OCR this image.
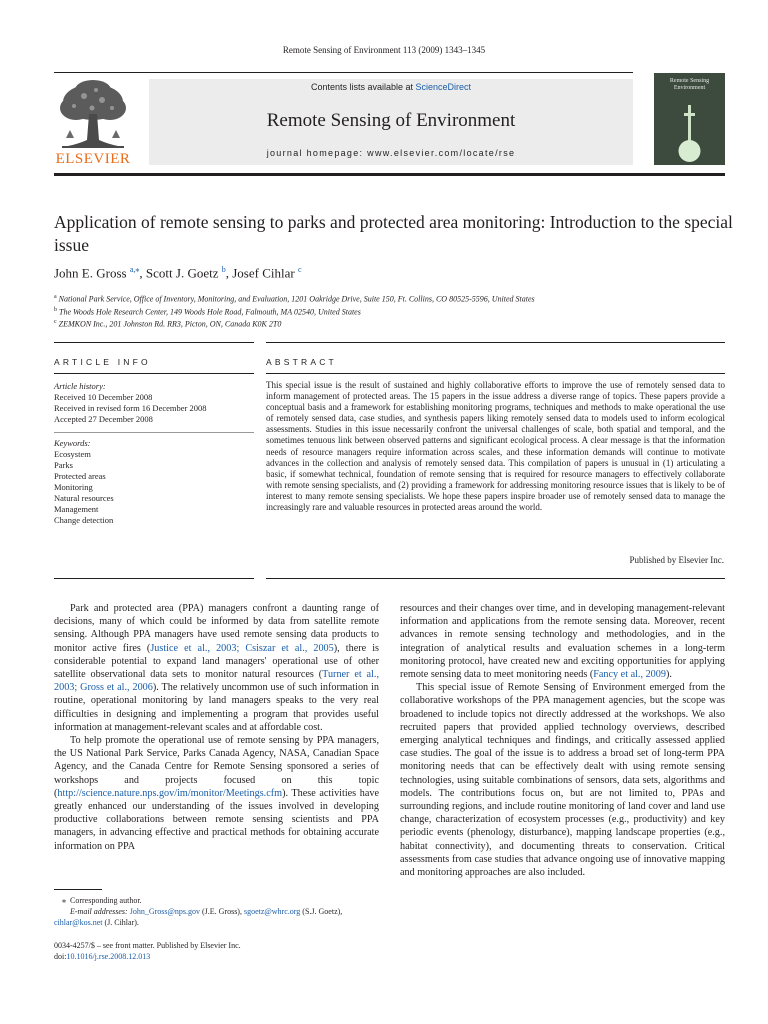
Remote Sensing of Environment 113 (2009) 1343–1345
ELSEVIER
Contents lists available at ScienceDirect
Remote Sensing of Environment
journal homepage: www.elsevier.com/locate/rse
Remote Sensing Environment
Application of remote sensing to parks and protected area monitoring: Introduction to the special issue
John E. Gross $^{a,⁎}$, Scott J. Goetz $^b$, Josef Cihlar $^c$
$^a$ National Park Service, Office of Inventory, Monitoring, and Evaluation, 1201 Oakridge Drive, Suite 150, Ft. Collins, CO 80525-5596, United States
$^b$ The Woods Hole Research Center, 149 Woods Hole Road, Falmouth, MA 02540, United States
$^c$ ZEMKON Inc., 201 Johnston Rd. RR3, Picton, ON, Canada K0K 2T0
ARTICLE INFO	ABSTRACT
Article history:
Received 10 December 2008
Received in revised form 16 December 2008
Accepted 27 December 2008
Keywords:
Ecosystem
Parks
Protected areas
Monitoring
Natural resources
Management
Change detection
This special issue is the result of sustained and highly collaborative efforts to improve the use of remotely sensed data to inform management of protected areas. The 15 papers in the issue address a diverse range of topics. These papers provide a conceptual basis and a framework for establishing monitoring programs, techniques and methods to make operational the use of remotely sensed data, case studies, and synthesis papers liking remotely sensed data to models used to inform ecological assessments. Studies in this issue necessarily confront the universal challenges of scale, both spatial and temporal, and the sometimes tenuous link between observed patterns and significant ecological process. A clear message is that the information needs of resource managers require information across scales, and these information demands will continue to motivate advances in the collection and analysis of remotely sensed data. This compilation of papers is unusual in (1) articulating a basic, if somewhat technical, foundation of remote sensing that is required for resource managers to effectively collaborate with remote sensing specialists, and (2) providing a framework for addressing monitoring resource issues that is likely to be of interest to many remote sensing specialists. We hope these papers inspire broader use of remotely sensed data to manage the increasingly rare and valuable resources in protected areas around the world.
Published by Elsevier Inc.

Park and protected area (PPA) managers confront a daunting range of decisions, many of which could be informed by data from satellite remote sensing. Although PPA managers have used remote sensing data products to monitor active fires (Justice et al., 2003; Csiszar et al., 2005), there is considerable potential to expand land managers' operational use of other satellite observational data sets to monitor natural resources (Turner et al., 2003; Gross et al., 2006). The relatively uncommon use of such information in routine, operational monitoring by land managers speaks to the very real difficulties in designing and implementing a program that provides useful information at management-relevant scales and at affordable cost.

To help promote the operational use of remote sensing by PPA managers, the US National Park Service, Parks Canada Agency, NASA, Canadian Space Agency, and the Canada Centre for Remote Sensing sponsored a series of workshops and projects focused on this topic (http://science.nature.nps.gov/im/monitor/Meetings.cfm). These activities have greatly enhanced our understanding of the issues involved in developing productive collaborations between remote sensing scientists and PPA managers, in advancing effective and practical methods for obtaining accurate information on PPA

resources and their changes over time, and in developing management-relevant information and applications from the remote sensing data. Moreover, recent advances in remote sensing technology and methodologies, and in the integration of analytical results and evaluation schemes in a long-term monitoring protocol, have created new and exciting opportunities for applying remote sensing data to meet monitoring needs (Fancy et al., 2009).

This special issue of Remote Sensing of Environment emerged from the collaborative workshops of the PPA management agencies, but the scope was broadened to include topics not directly addressed at the workshops. We also recruited papers that provided applied technology overviews, described emerging analytical techniques and findings, and critically assessed applied case studies. The goal of the issue is to address a broad set of long-term PPA monitoring needs that can be effectively dealt with using remote sensing technologies, using suitable combinations of sensors, data sets, algorithms and models. The contributions focus on, but are not limited to, PPAs and surrounding regions, and include routine monitoring of land cover and land use change, characterization of ecosystem processes (e.g., productivity) and key periodic events (phenology, disturbance), mapping landscape properties (e.g., habitat connectivity), and documenting threats to conservation. Critical assessments from case studies that advance ongoing use of innovative mapping and monitoring approaches are also included.

⁎ Corresponding author.
E-mail addresses: John_Gross@nps.gov (J.E. Gross), sgoetz@whrc.org (S.J. Goetz),
cihlar@kos.net (J. Cihlar).
0034-4257/$ – see front matter. Published by Elsevier Inc.
doi:10.1016/j.rse.2008.12.013
